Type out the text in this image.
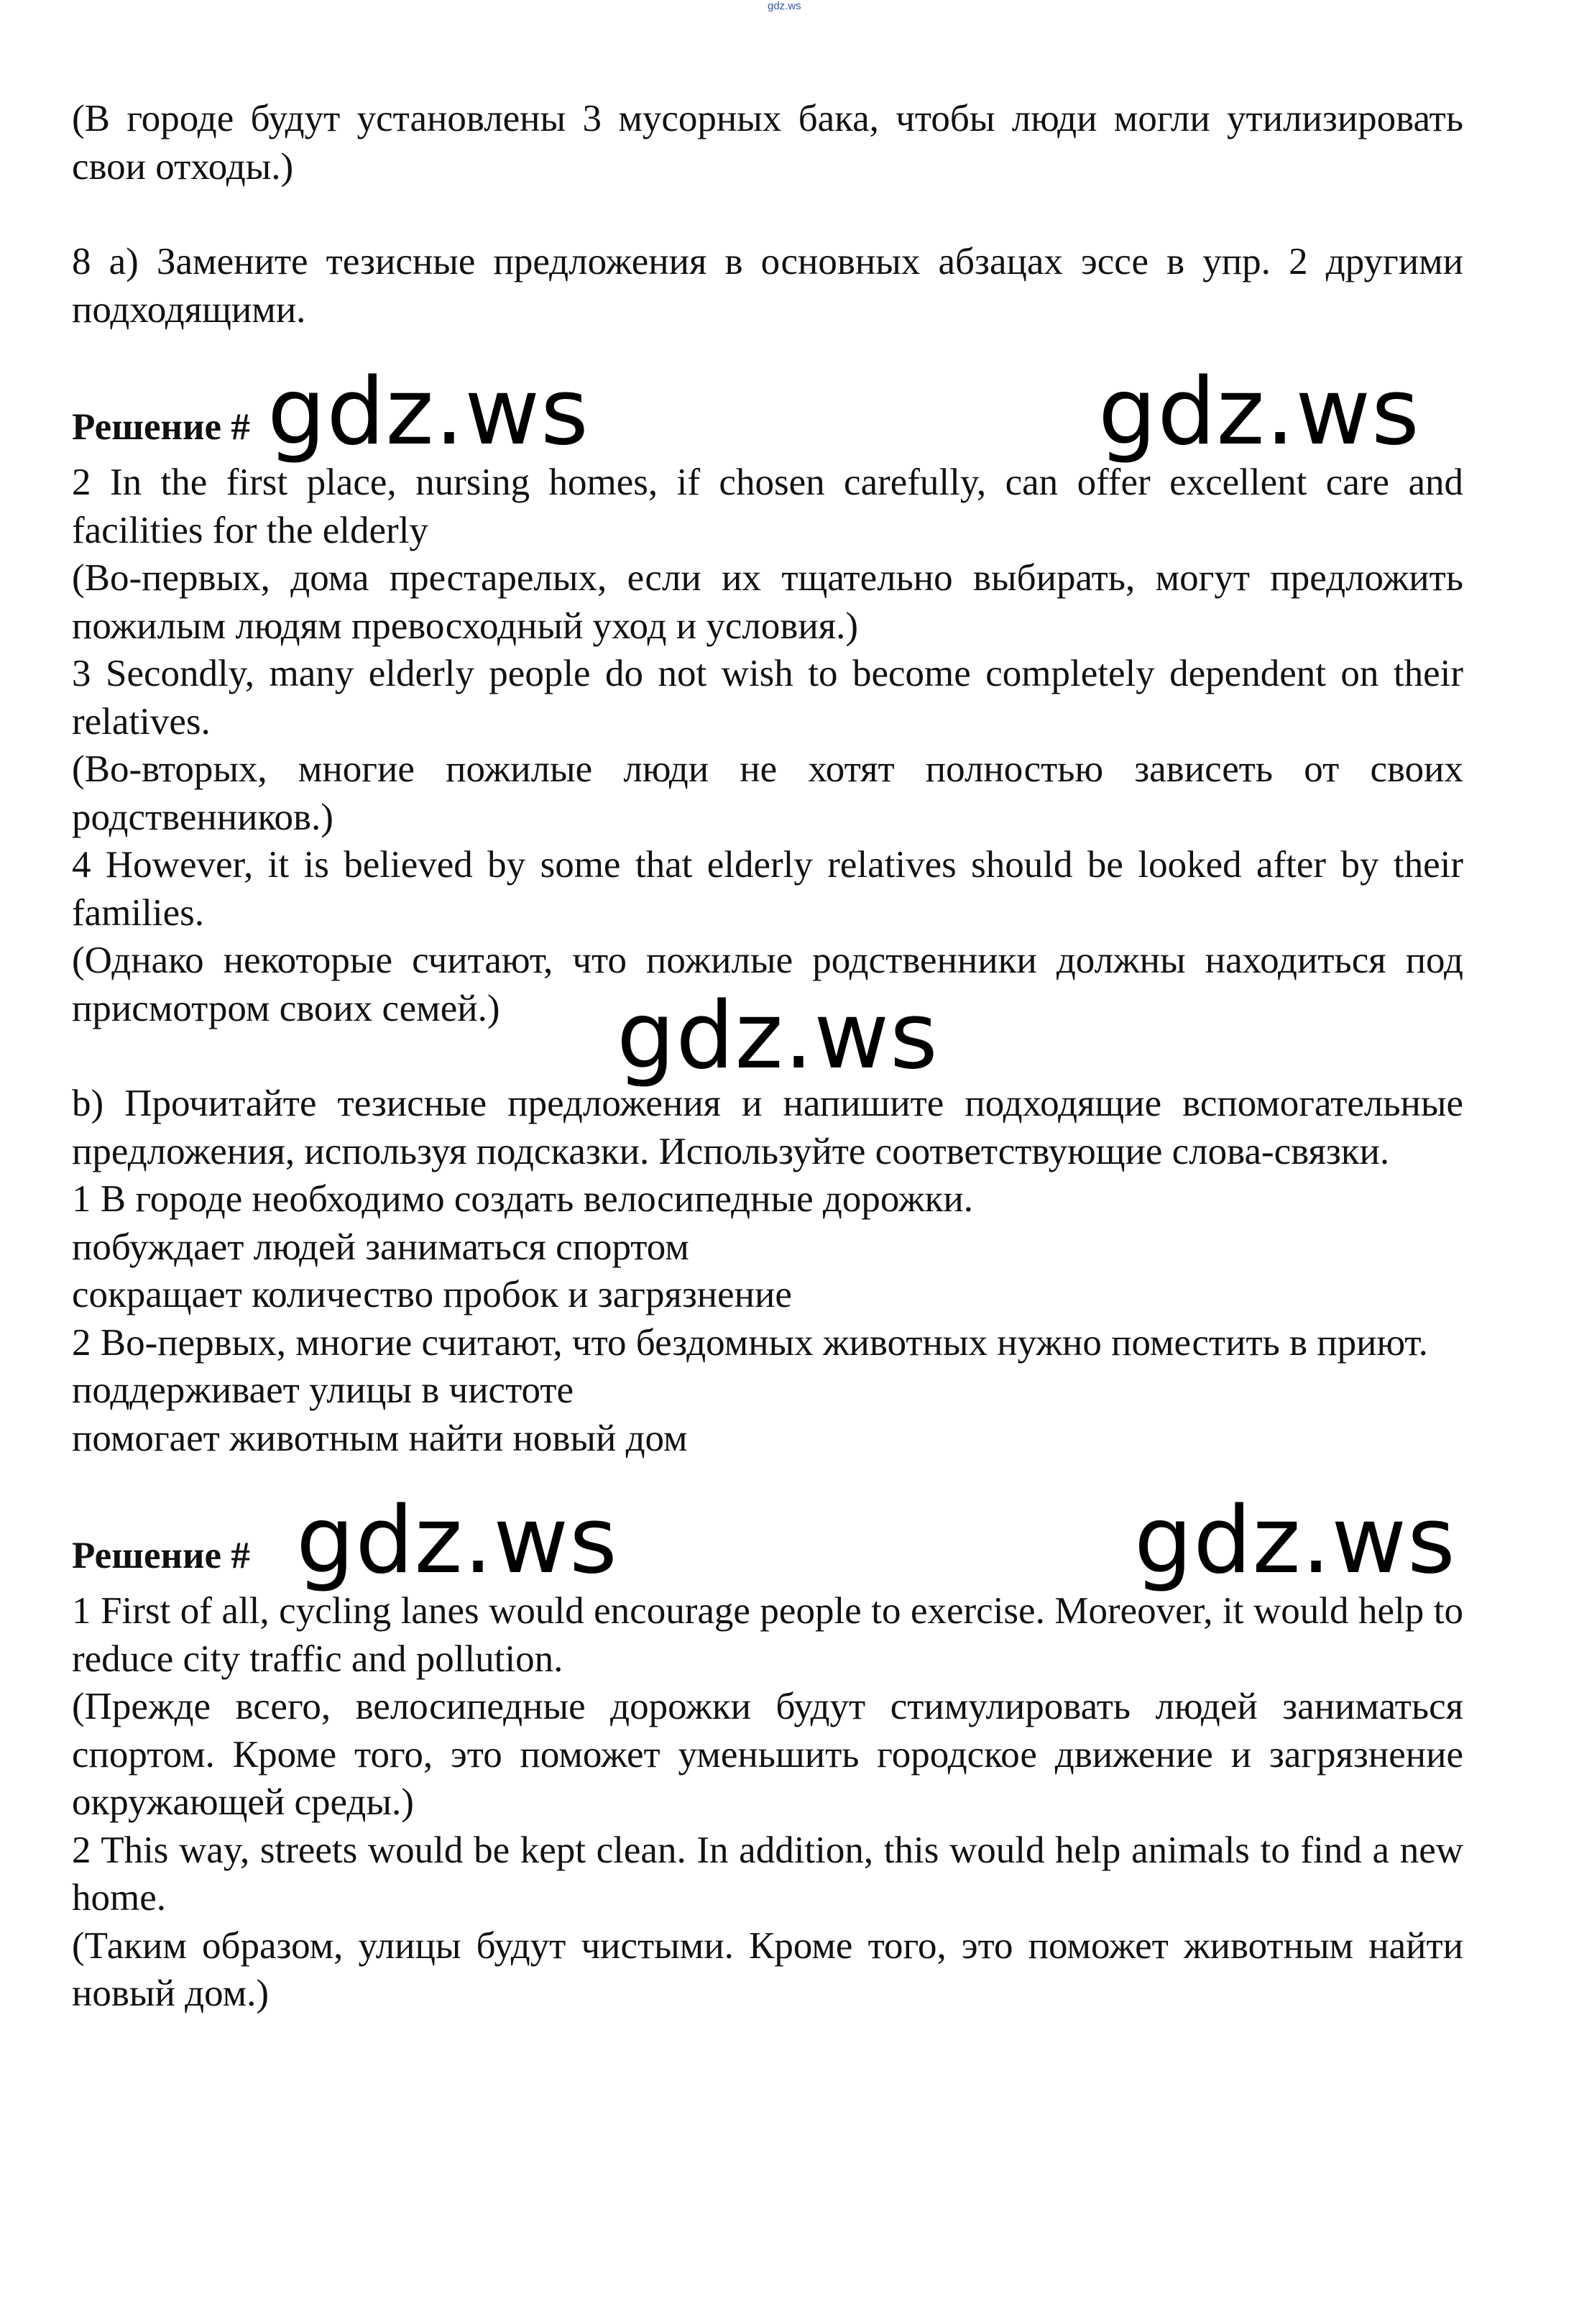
gdz.ws

(В городе будут установлены 3 мусорных бака, чтобы люди могли утилизировать свои отходы.)

8 a) Замените тезисные предложения в основных абзацах эссе в упр. 2 другими подходящими.

Решение # gdz.ws	gdz.ws

2 In the first place, nursing homes, if chosen carefully, can offer excellent care and facilities for the elderly

(Во-первых, дома престарелых, если их тщательно выбирать, могут предложить пожилым людям превосходный уход и условия.)

3 Secondly, many elderly people do not wish to become completely dependent on their relatives.

(Во-вторых, многие пожилые люди не хотят полностью зависеть от своих родственников.)

4 However, it is believed by some that elderly relatives should be looked after by their families.

(Однако некоторые считают, что пожилые родственники должны находиться под присмотром своих семей.)	gdz.ws

b) Прочитайте тезисные предложения и напишите подходящие вспомогательные предложения, используя подсказки. Используйте соответствующие слова-связки.

1 В городе необходимо создать велосипедные дорожки.

побуждает людей заниматься спортом

сокращает количество пробок и загрязнение

2 Во-первых, многие считают, что бездомных животных нужно поместить в приют.

поддерживает улицы в чистоте

помогает животным найти новый дом

Решение # gdz.ws	gdz.ws

1 First of all, cycling lanes would encourage people to exercise. Moreover, it would help to reduce city traffic and pollution.

(Прежде всего, велосипедные дорожки будут стимулировать людей заниматься спортом. Кроме того, это поможет уменьшить городское движение и загрязнение окружающей среды.)

2 This way, streets would be kept clean. In addition, this would help animals to find a new home.

(Таким образом, улицы будут чистыми. Кроме того, это поможет животным найти новый дом.)
